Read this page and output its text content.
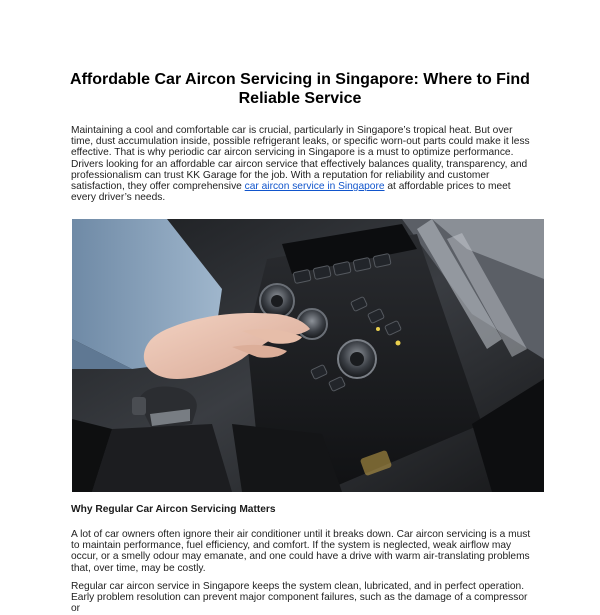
Affordable Car Aircon Servicing in Singapore: Where to Find Reliable Service

Maintaining a cool and comfortable car is crucial, particularly in Singapore’s tropical heat. But over time, dust accumulation inside, possible refrigerant leaks, or specific worn-out parts could make it less effective. That is why periodic car aircon servicing in Singapore is a must to optimize performance. Drivers looking for an affordable car aircon service that effectively balances quality, transparency, and professionalism can trust KK Garage for the job. With a reputation for reliability and customer satisfaction, they offer comprehensive car aircon service in Singapore at affordable prices to meet every driver’s needs.

Why Regular Car Aircon Servicing Matters

A lot of car owners often ignore their air conditioner until it breaks down. Car aircon servicing is a must to maintain performance, fuel efficiency, and comfort. If the system is neglected, weak airflow may occur, or a smelly odour may emanate, and one could have a drive with warm air-translating problems that, over time, may be costly.

Regular car aircon service in Singapore keeps the system clean, lubricated, and in perfect operation. Early problem resolution can prevent major component failures, such as the damage of a compressor or
